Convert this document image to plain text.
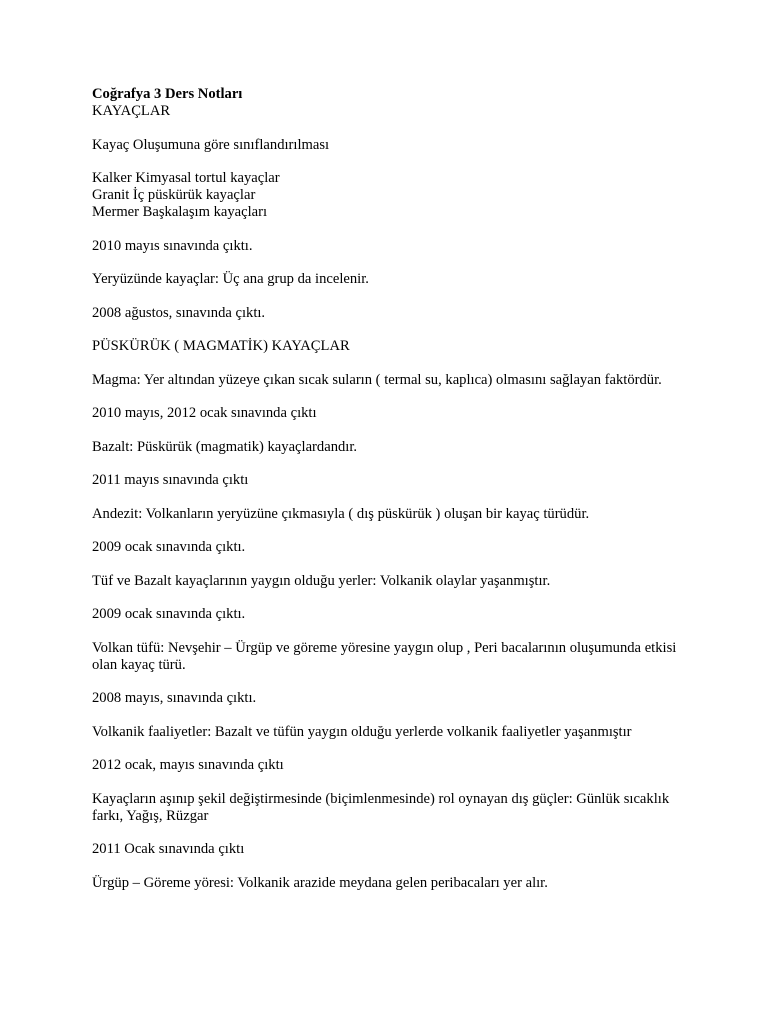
Coğrafya 3 Ders Notları

KAYAÇLAR

Kayaç Oluşumuna göre sınıflandırılması

Kalker Kimyasal tortul kayaçlar

Granit İç püskürük kayaçlar

Mermer Başkalaşım kayaçları

2010 mayıs sınavında çıktı.

Yeryüzünde kayaçlar: Üç ana grup da incelenir.

2008 ağustos, sınavında çıktı.

PÜSKÜRÜK ( MAGMATİK) KAYAÇLAR

Magma: Yer altından yüzeye çıkan sıcak suların ( termal su, kaplıca) olmasını sağlayan faktördür.

2010 mayıs, 2012 ocak sınavında çıktı

Bazalt: Püskürük (magmatik) kayaçlardandır.

2011 mayıs sınavında çıktı

Andezit: Volkanların yeryüzüne çıkmasıyla ( dış püskürük ) oluşan bir kayaç türüdür.

2009 ocak sınavında çıktı.

Tüf ve Bazalt kayaçlarının yaygın olduğu yerler: Volkanik olaylar yaşanmıştır.

2009 ocak sınavında çıktı.

Volkan tüfü: Nevşehir – Ürgüp ve göreme yöresine yaygın olup , Peri bacalarının oluşumunda etkisi olan kayaç türü.

2008 mayıs, sınavında çıktı.

Volkanik faaliyetler: Bazalt ve tüfün yaygın olduğu yerlerde volkanik faaliyetler yaşanmıştır

2012 ocak, mayıs sınavında çıktı

Kayaçların aşınıp şekil değiştirmesinde (biçimlenmesinde) rol oynayan dış güçler: Günlük sıcaklık farkı, Yağış, Rüzgar

2011 Ocak sınavında çıktı

Ürgüp – Göreme yöresi: Volkanik arazide meydana gelen peribacaları yer alır.
